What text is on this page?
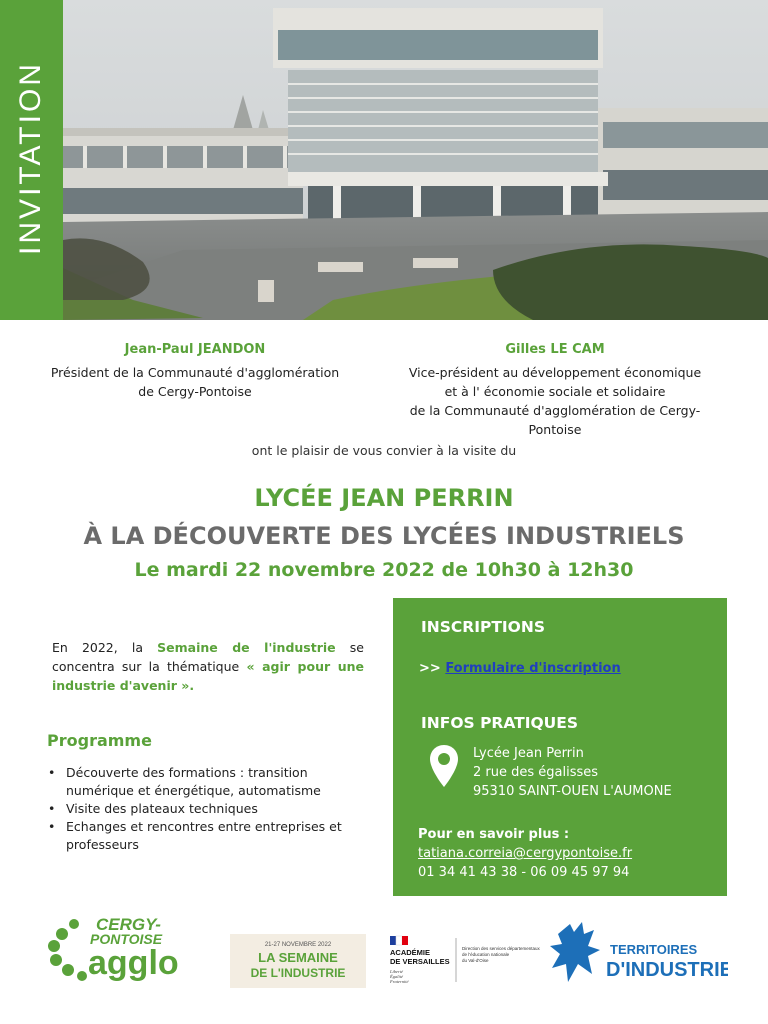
INVITATION
Jean-Paul JEANDON
Président de la Communauté d'agglomération
de Cergy-Pontoise
Gilles LE CAM
Vice-président au développement économique
et à l' économie sociale et solidaire
de la Communauté d'agglomération de Cergy-Pontoise
ont le plaisir de vous convier à la visite du
LYCÉE JEAN PERRIN
À LA DÉCOUVERTE DES LYCÉES INDUSTRIELS
Le mardi 22 novembre 2022 de 10h30 à 12h30
En 2022, la Semaine de l'industrie se concentra sur la thématique « agir pour une industrie d'avenir ».
Programme
• Découverte des formations : transition numérique et énergétique, automatisme
• Visite des plateaux techniques
• Echanges et rencontres entre entreprises et professeurs
INSCRIPTIONS
>> Formulaire d'inscription
INFOS PRATIQUES
Lycée Jean Perrin
2 rue des égalisses
95310 SAINT-OUEN L'AUMONE
Pour en savoir plus :
tatiana.correia@cergypontoise.fr
01 34 41 43 38 - 06 09 45 97 94
CERGY-
PONTOISE
agglo	21-27 NOVEMBRE 2022
LA SEMAINE
DE L'INDUSTRIE
ACADÉMIE
DE VERSAILLES
Liberté
Égalité
Fraternité
Direction des services départementaux
de l'éducation nationale
du Val-d'Oise
TERRITOIRES
D'INDUSTRIE
